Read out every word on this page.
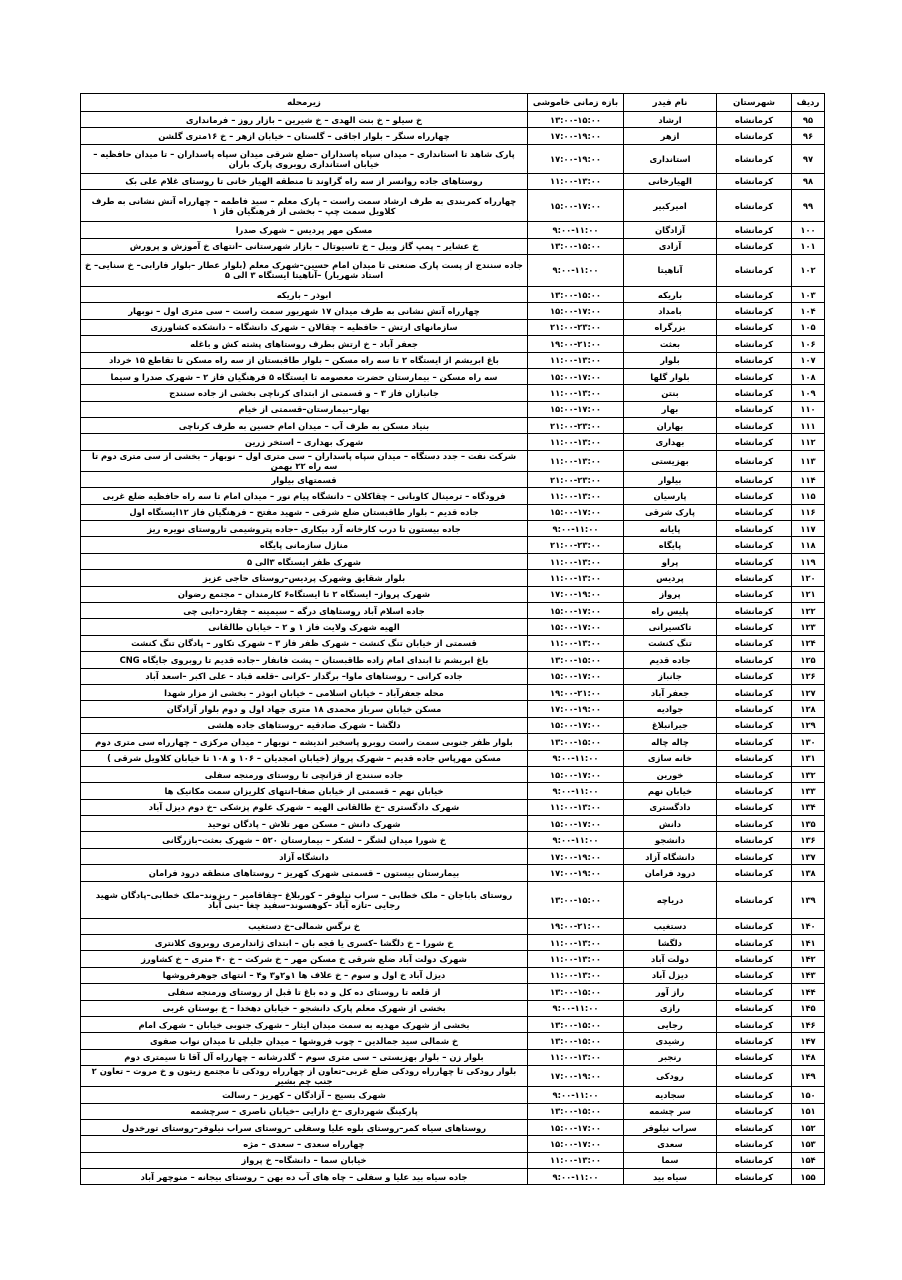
ردیف	شهرستان	نام فیدر	بازه زمانی خاموشی	زیرمحله
۹۵	کرمانشاه	ارشاد	۱۳:۰۰-۱۵:۰۰	خ سیلو – خ بنت الهدی – خ شیرین – بازار روز – فرمانداری
۹۶	کرمانشاه	ازهر	۱۷:۰۰-۱۹:۰۰	چهارراه سنگر – بلوار اجاقی – گلستان – خیابان ازهر – خ ۱۶متری گلشن
۹۷	کرمانشاه	استانداری	۱۷:۰۰-۱۹:۰۰	پارک شاهد تا استانداری – میدان سپاه پاسداران –ضلع شرقی میدان سپاه پاسداران – تا میدان حافظیه – خیابان استانداری روبروی پارک باران
۹۸	کرمانشاه	الهیارخانی	۱۱:۰۰-۱۳:۰۰	روستاهای جاده روانسر از سه راه گراوند تا منطقه الهیار خانی تا روستای غلام علی بک
۹۹	کرمانشاه	امیرکبیر	۱۵:۰۰-۱۷:۰۰	چهارراه کمربندی به طرف ارشاد سمت راست – پارک معلم – سید فاطمه – چهارراه آتش نشانی به طرف کلاویل سمت چپ – بخشی از فرهنگیان فاز ۱
۱۰۰	کرمانشاه	آزادگان	۹:۰۰-۱۱:۰۰	مسکن مهر پردیس – شهرک صدرا
۱۰۱	کرمانشاه	آزادی	۱۳:۰۰-۱۵:۰۰	خ عشایر – پمپ گاز وییل – خ تاسیوتال – بازار شهرستانی –انتهای خ آموزش و پرورش
۱۰۲	کرمانشاه	آناهیتا	۹:۰۰-۱۱:۰۰	جاده سنندج از پست پارک صنعتی تا میدان امام حسین–شهرک معلم (بلوار عطار –بلوار فارابی– خ سنایی– خ استاد شهریار) –آناهیتا ایستگاه ۳ الی ۵
۱۰۳	کرمانشاه	باریکه	۱۳:۰۰-۱۵:۰۰	ابوذر – باریکه
۱۰۴	کرمانشاه	بامداد	۱۵:۰۰-۱۷:۰۰	چهارراه آتش نشانی به طرف میدان ۱۷ شهریور سمت راست – سی متری اول – نوبهار
۱۰۵	کرمانشاه	بزرگراه	۲۱:۰۰-۲۳:۰۰	سازمانهای ارتش – حافظیه – چقالان – شهرک دانشگاه – دانشکده کشاورزی
۱۰۶	کرمانشاه	بعثت	۱۹:۰۰-۲۱:۰۰	جعفر آباد – خ ارتش بطرف روستاهای پشته کش و باغله
۱۰۷	کرمانشاه	بلوار	۱۱:۰۰-۱۳:۰۰	باغ ابریشم از ایستگاه ۲ تا سه راه مسکن – بلوار طاقبستان از سه راه مسکن تا تقاطع ۱۵ خرداد
۱۰۸	کرمانشاه	بلوار گلها	۱۵:۰۰-۱۷:۰۰	سه راه مسکن – بیمارستان حضرت معصومه تا ایستگاه ۵ فرهنگیان فاز ۲ – شهرک صدرا و سیما
۱۰۹	کرمانشاه	بنتن	۱۱:۰۰-۱۳:۰۰	جانبازان فاز ۳ – و قسمتی از ابتدای کرناچی بخشی از جاده سنندج
۱۱۰	کرمانشاه	بهار	۱۵:۰۰-۱۷:۰۰	بهار–بیمارستان–قسمتی از خیام
۱۱۱	کرمانشاه	بهاران	۲۱:۰۰-۲۳:۰۰	بنیاد مسکن به طرف آب – میدان امام حسین به طرف کرناچی
۱۱۲	کرمانشاه	بهداری	۱۱:۰۰-۱۳:۰۰	شهرک بهداری – استخر زرین
۱۱۳	کرمانشاه	بهزیستی	۱۱:۰۰-۱۳:۰۰	شرکت نفت – جدد دستگاه – میدان سپاه پاسداران – سی متری اول – نوبهار – بخشی از سی متری دوم تا سه راه ۲۲ بهمن
۱۱۴	کرمانشاه	بیلوار	۲۱:۰۰-۲۳:۰۰	قسمتهای بیلوار
۱۱۵	کرمانشاه	پارسیان	۱۱:۰۰-۱۳:۰۰	فرودگاه – ترمینال کاوبانی – چقاکلان – دانشگاه پیام نور – میدان امام تا سه راه حافظیه ضلع غربی
۱۱۶	کرمانشاه	پارک شرقی	۱۵:۰۰-۱۷:۰۰	جاده قدیم – بلوار طاقبستان ضلع شرقی – شهید مفتح – فرهنگیان فاز ۱۲ایستگاه اول
۱۱۷	کرمانشاه	پایانه	۹:۰۰-۱۱:۰۰	جاده بیستون تا درب کارخانه آرد بیکاری –جاده پتروشیمی تاروستای نویره ریز
۱۱۸	کرمانشاه	پایگاه	۲۱:۰۰-۲۳:۰۰	منازل سازمانی پایگاه
۱۱۹	کرمانشاه	پراو	۱۱:۰۰-۱۳:۰۰	شهرک ظفر ایستگاه ۳الی ۵
۱۲۰	کرمانشاه	پردیس	۱۱:۰۰-۱۳:۰۰	بلوار شقایق وشهرک پردیس–روستای حاجی عزیز
۱۲۱	کرمانشاه	پرواز	۱۷:۰۰-۱۹:۰۰	شهرک پرواز– ایستگاه ۲ تا ایستگاه۶ کارمندان – مجتمع رضوان
۱۲۲	کرمانشاه	پلیس راه	۱۵:۰۰-۱۷:۰۰	جاده اسلام آباد روستاهای درگه – سیمینه – چقارد–دابی چی
۱۲۳	کرمانشاه	تاکسیرانی	۱۵:۰۰-۱۷:۰۰	الهیه شهرک ولایت فاز ۱ و ۲ – خیابان طالقانی
۱۲۴	کرمانشاه	تنگ کنشت	۱۱:۰۰-۱۳:۰۰	قسمتی از خیابان تنگ کنشت – شهرک ظفر فاز ۳ – شهرک تکاور – پادگان تنگ کنشت
۱۲۵	کرمانشاه	جاده قدیم	۱۳:۰۰-۱۵:۰۰	باغ ابریشم تا ابتدای امام زاده طاقبستان – پشت فانفار –جاده قدیم تا روبروی جایگاه CNG
۱۲۶	کرمانشاه	جانباز	۱۵:۰۰-۱۷:۰۰	جاده کرانی – روستاهای ماوا– برگدار –کرانی –قلعه قباد – علی اکبر –اسعد آباد
۱۲۷	کرمانشاه	جعفر آباد	۱۹:۰۰-۲۱:۰۰	محله جعفرآباد – خیابان اسلامی – خیابان ابوذر – بخشی از مزار شهدا
۱۲۸	کرمانشاه	جوادیه	۱۷:۰۰-۱۹:۰۰	مسکن خیابان سرباز محمدی ۱۸ متری جهاد اول و دوم بلوار آزادگان
۱۲۹	کرمانشاه	جیرانبلاغ	۱۵:۰۰-۱۷:۰۰	دلگشا – شهرک صادقیه –روستاهای جاده هلشی
۱۳۰	کرمانشاه	چاله چاله	۱۳:۰۰-۱۵:۰۰	بلوار ظفر جنوبی سمت راست روبرو پاسخبر اندیشه – نوبهار – میدان مرکزی – چهارراه سی متری دوم
۱۳۱	کرمانشاه	خانه سازی	۹:۰۰-۱۱:۰۰	مسکن مهرپاس جاده قدیم – شهرک پرواز (خیابان امجدیان – ۱۰۶ و ۱۰۸ تا خیابان کلاویل شرقی )
۱۳۲	کرمانشاه	خورین	۱۵:۰۰-۱۷:۰۰	جاده سنندج از قزانچی تا روستای ورمنجه سفلی
۱۳۳	کرمانشاه	خیابان نهم	۹:۰۰-۱۱:۰۰	خیابان نهم – قسمتی از خیابان صفا–انتهای کلریزان سمت مکانیک ها
۱۳۴	کرمانشاه	دادگستری	۱۱:۰۰-۱۳:۰۰	شهرک دادگستری –خ طالقانی الهیه – شهرک علوم پزشکی –خ دوم دیزل آباد
۱۳۵	کرمانشاه	دانش	۱۵:۰۰-۱۷:۰۰	شهرک دانش – مسکن مهر تلاش – پادگان توحید
۱۳۶	کرمانشاه	دانشجو	۹:۰۰-۱۱:۰۰	خ شورا میدان لشگر – لشکر – بیمارستان ۵۲۰ – شهرک بعثت–بازرگانی
۱۳۷	کرمانشاه	دانشگاه آزاد	۱۷:۰۰-۱۹:۰۰	دانشگاه آزاد
۱۳۸	کرمانشاه	درود فرامان	۱۷:۰۰-۱۹:۰۰	بیمارستان بیستون – قسمتی شهرک کهریز – روستاهای منطقه درود فرامان
۱۳۹	کرمانشاه	دریاچه	۱۳:۰۰-۱۵:۰۰	روستای باباجان – ملک خطابی – سراب نیلوفر – کوربلاغ –چقاقامیر – ریزوند–ملک خطابی–پادگان شهید رجایی –تازه آباد –کوهسوند–سفید چغا –بنی آباد
۱۴۰	کرمانشاه	دستغیب	۱۹:۰۰-۲۱:۰۰	خ نرگس شمالی–خ دستغیب
۱۴۱	کرمانشاه	دلگشا	۱۱:۰۰-۱۳:۰۰	خ شورا – خ دلگشا –کسری یا قجه بان – ابتدای ژاندارمری روبروی کلانتری
۱۴۲	کرمانشاه	دولت آباد	۱۱:۰۰-۱۳:۰۰	شهرک دولت آباد ضلع شرقی خ مسکن مهر – خ شرکت – خ ۴۰ متری – خ کشاورز
۱۴۳	کرمانشاه	دیزل آباد	۱۱:۰۰-۱۳:۰۰	دیزل آباد خ اول و سوم – خ علاف ها ۱و۲و۳ و۴ – انتهای جوهرفروشها
۱۴۴	کرمانشاه	راز آور	۱۳:۰۰-۱۵:۰۰	از قلعه تا روستای ده کل و ده باغ تا قبل از روستای ورمنجه سفلی
۱۴۵	کرمانشاه	رازی	۹:۰۰-۱۱:۰۰	بخشی از شهرک معلم پارک دانشجو – خیابان دهخدا – خ بوستان غربی
۱۴۶	کرمانشاه	رجایی	۱۳:۰۰-۱۵:۰۰	بخشی از شهرک مهدیه به سمت میدان ایثار – شهرک جنوبی خیابان – شهرک امام
۱۴۷	کرمانشاه	رشیدی	۱۳:۰۰-۱۵:۰۰	خ شمالی سید جمالدین – چوب فروشها – میدان جلیلی تا میدان نواب صفوی
۱۴۸	کرمانشاه	رنجبر	۱۱:۰۰-۱۳:۰۰	بلوار زن – بلوار بهزیستی – سی متری سوم – گلدرشانه – چهارراه آل آقا تا سیمتری دوم
۱۴۹	کرمانشاه	رودکی	۱۷:۰۰-۱۹:۰۰	بلوار رودکی تا چهارراه رودکی ضلع غربی–تعاون از چهارراه رودکی تا مجتمع زیتون و خ مروت – تعاون ۲ جنب چم بشیر
۱۵۰	کرمانشاه	سجادیه	۹:۰۰-۱۱:۰۰	شهرک بسیج – آزادگان – کهریز – رسالت
۱۵۱	کرمانشاه	سر چشمه	۱۳:۰۰-۱۵:۰۰	پارکینگ شهرداری –خ دارایی –خیابان ناصری – سرچشمه
۱۵۲	کرمانشاه	سراب نیلوفر	۱۵:۰۰-۱۷:۰۰	روستاهای سیاه کمر–روستای بلوه علیا وسفلی –روستای سراب نیلوفر–روستای تورخدول
۱۵۳	کرمانشاه	سعدی	۱۵:۰۰-۱۷:۰۰	چهارراه سعدی – سعدی – مژه
۱۵۴	کرمانشاه	سما	۱۱:۰۰-۱۳:۰۰	خیابان سما – دانشگاه– خ پرواز
۱۵۵	کرمانشاه	سیاه بید	۹:۰۰-۱۱:۰۰	جاده سیاه بید علیا و سفلی – چاه های آب ده بهن – روستای بیجانه – منوچهر آباد
